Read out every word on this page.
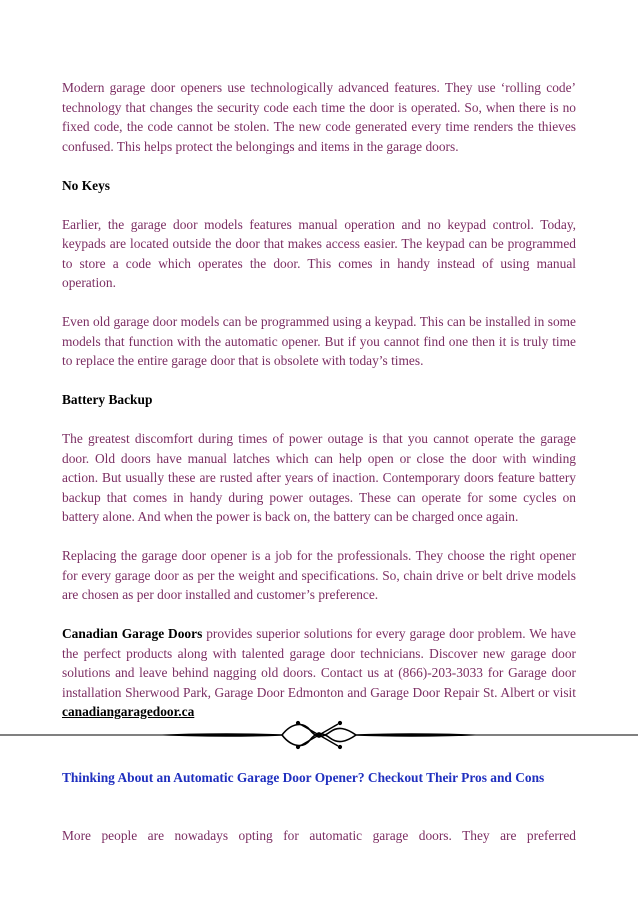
Modern garage door openers use technologically advanced features. They use ‘rolling code’ technology that changes the security code each time the door is operated. So, when there is no fixed code, the code cannot be stolen. The new code generated every time renders the thieves confused. This helps protect the belongings and items in the garage doors.

No Keys

Earlier, the garage door models features manual operation and no keypad control. Today, keypads are located outside the door that makes access easier. The keypad can be programmed to store a code which operates the door. This comes in handy instead of using manual operation.

Even old garage door models can be programmed using a keypad. This can be installed in some models that function with the automatic opener. But if you cannot find one then it is truly time to replace the entire garage door that is obsolete with today’s times.

Battery Backup

The greatest discomfort during times of power outage is that you cannot operate the garage door. Old doors have manual latches which can help open or close the door with winding action. But usually these are rusted after years of inaction. Contemporary doors feature battery backup that comes in handy during power outages. These can operate for some cycles on battery alone. And when the power is back on, the battery can be charged once again.

Replacing the garage door opener is a job for the professionals. They choose the right opener for every garage door as per the weight and specifications. So, chain drive or belt drive models are chosen as per door installed and customer’s preference.

Canadian Garage Doors provides superior solutions for every garage door problem. We have the perfect products along with talented garage door technicians. Discover new garage door solutions and leave behind nagging old doors. Contact us at (866)-203-3033 for Garage door installation Sherwood Park, Garage Door Edmonton and Garage Door Repair St. Albert or visit canadiangaragedoor.ca

Thinking About an Automatic Garage Door Opener? Checkout Their Pros and Cons

More people are nowadays opting for automatic garage doors. They are preferred
